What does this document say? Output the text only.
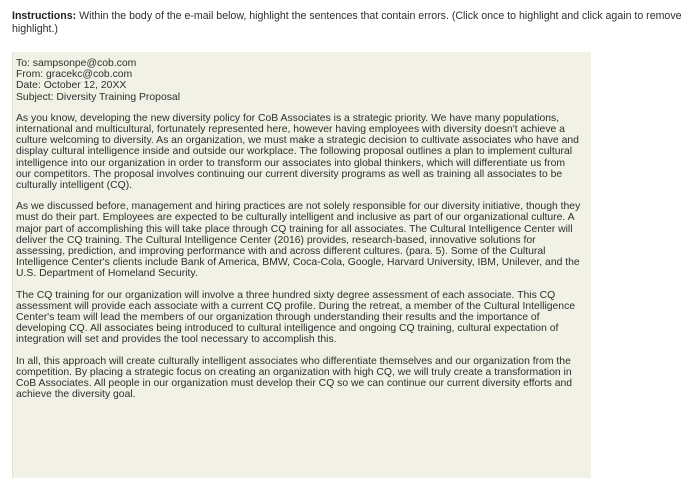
Instructions: Within the body of the e-mail below, highlight the sentences that contain errors. (Click once to highlight and click again to remove highlight.)
To: sampsonpe@cob.com
From: gracekc@cob.com
Date: October 12, 20XX
Subject: Diversity Training Proposal
As you know, developing the new diversity policy for CoB Associates is a strategic priority. We have many populations, international and multicultural, fortunately represented here, however having employees with diversity doesn't achieve a culture welcoming to diversity. As an organization, we must make a strategic decision to cultivate associates who have and display cultural intelligence inside and outside our workplace. The following proposal outlines a plan to implement cultural intelligence into our organization in order to transform our associates into global thinkers, which will differentiate us from our competitors. The proposal involves continuing our current diversity programs as well as training all associates to be culturally intelligent (CQ).
As we discussed before, management and hiring practices are not solely responsible for our diversity initiative, though they must do their part. Employees are expected to be culturally intelligent and inclusive as part of our organizational culture. A major part of accomplishing this will take place through CQ training for all associates. The Cultural Intelligence Center will deliver the CQ training. The Cultural Intelligence Center (2016) provides, research-based, innovative solutions for assessing, prediction, and improving performance with and across different cultures. (para. 5). Some of the Cultural Intelligence Center's clients include Bank of America, BMW, Coca-Cola, Google, Harvard University, IBM, Unilever, and the U.S. Department of Homeland Security.
The CQ training for our organization will involve a three hundred sixty degree assessment of each associate. This CQ assessment will provide each associate with a current CQ profile. During the retreat, a member of the Cultural Intelligence Center's team will lead the members of our organization through understanding their results and the importance of developing CQ. All associates being introduced to cultural intelligence and ongoing CQ training, cultural expectation of integration will set and provides the tool necessary to accomplish this.
In all, this approach will create culturally intelligent associates who differentiate themselves and our organization from the competition. By placing a strategic focus on creating an organization with high CQ, we will truly create a transformation in CoB Associates. All people in our organization must develop their CQ so we can continue our current diversity efforts and achieve the diversity goal.
